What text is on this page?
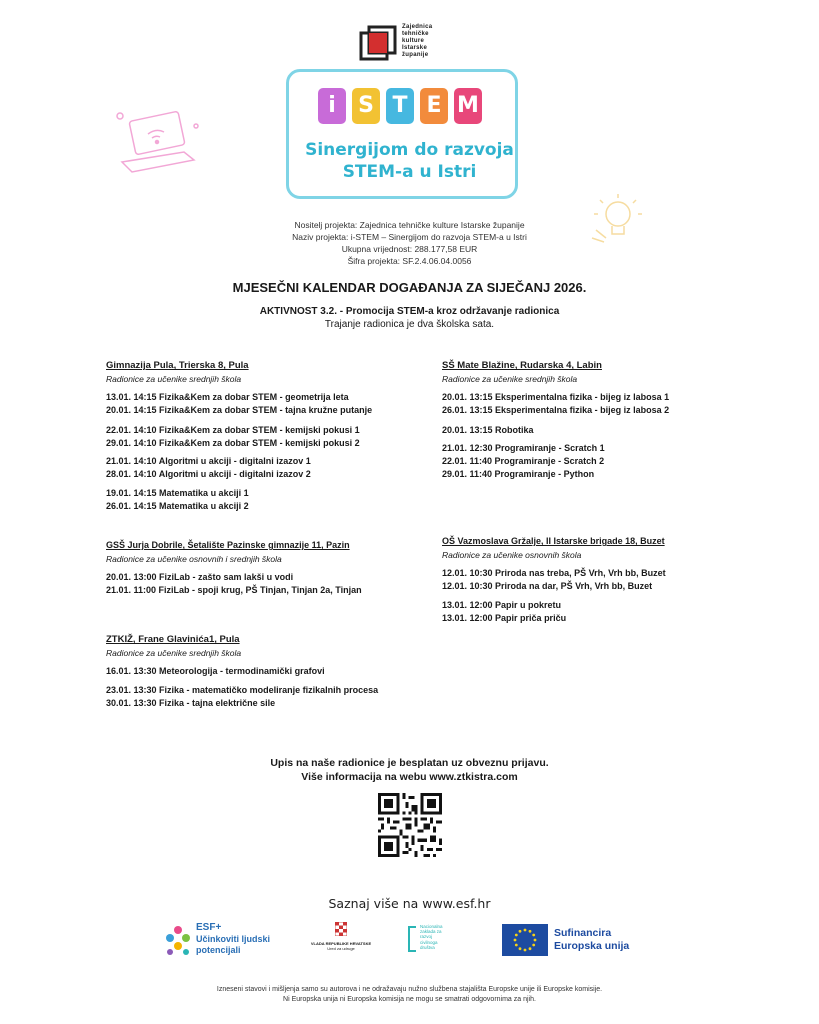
Zajednica
tehničke
kulture
Istarske
županije
i	S T E M
Sinergijom do razvoja
STEM-a u Istri
Nositelj projekta: Zajednica tehničke kulture Istarske županije
Naziv projekta: i-STEM – Sinergijom do razvoja STEM-a u Istri
Ukupna vrijednost: 288.177,58 EUR
Šifra projekta: SF.2.4.06.04.0056
MJESEČNI KALENDAR DOGAĐANJA ZA SIJEČANJ 2026.
AKTIVNOST 3.2. - Promocija STEM-a kroz održavanje radionica
Trajanje radionica je dva školska sata.
Gimnazija Pula, Trierska 8, Pula
Radionice za učenike srednjih škola
13.01. 14:15 Fizika&Kem za dobar STEM - geometrija leta
20.01. 14:15 Fizika&Kem za dobar STEM - tajna kružne putanje
22.01. 14:10 Fizika&Kem za dobar STEM - kemijski pokusi 1
29.01. 14:10 Fizika&Kem za dobar STEM - kemijski pokusi 2
21.01. 14:10 Algoritmi u akciji - digitalni izazov 1
28.01. 14:10 Algoritmi u akciji - digitalni izazov 2
19.01. 14:15 Matematika u akciji 1
26.01. 14:15 Matematika u akciji 2
SŠ Mate Blažine, Rudarska 4, Labin
Radionice za učenike srednjih škola
20.01. 13:15 Eksperimentalna fizika - bijeg iz labosa 1
26.01. 13:15 Eksperimentalna fizika - bijeg iz labosa 2
20.01. 13:15 Robotika
21.01. 12:30 Programiranje - Scratch 1
22.01. 11:40 Programiranje - Scratch 2
29.01. 11:40 Programiranje - Python
GSŠ Jurja Dobrile, Šetalište Pazinske gimnazije 11, Pazin
Radionice za učenike osnovnih i srednjih škola
20.01. 13:00 FiziLab - zašto sam lakši u vodi
21.01. 11:00 FiziLab - spoji krug, PŠ Tinjan, Tinjan 2a, Tinjan
OŠ Vazmoslava Gržalje, II Istarske brigade 18, Buzet
Radionice za učenike osnovnih škola
12.01. 10:30 Priroda nas treba, PŠ Vrh, Vrh bb, Buzet
12.01. 10:30 Priroda na dar, PŠ Vrh, Vrh bb, Buzet
13.01. 12:00 Papir u pokretu
13.01. 12:00 Papir priča priču
ZTKIŽ, Frane Glavinića1, Pula
Radionice za učenike srednjih škola
16.01. 13:30 Meteorologija - termodinamički grafovi
23.01. 13:30 Fizika - matematičko modeliranje fizikalnih procesa
30.01. 13:30 Fizika - tajna električne sile
Upis na naše radionice je besplatan uz obveznu prijavu.
Više informacija na webu www.ztkistra.com
Saznaj više na www.esf.hr
ESF+
Učinkoviti ljudski
potencijali
VLADA REPUBLIKE HRVATSKE
Ured za udruge
Nacionalna
zaklada za
razvoj
civilnoga
društva
Sufinancira
Europska unija
Izneseni stavovi i mišljenja samo su autorova i ne odražavaju nužno službena stajališta Europske unije ili Europske komisije.
Ni Europska unija ni Europska komisija ne mogu se smatrati odgovornima za njih.
